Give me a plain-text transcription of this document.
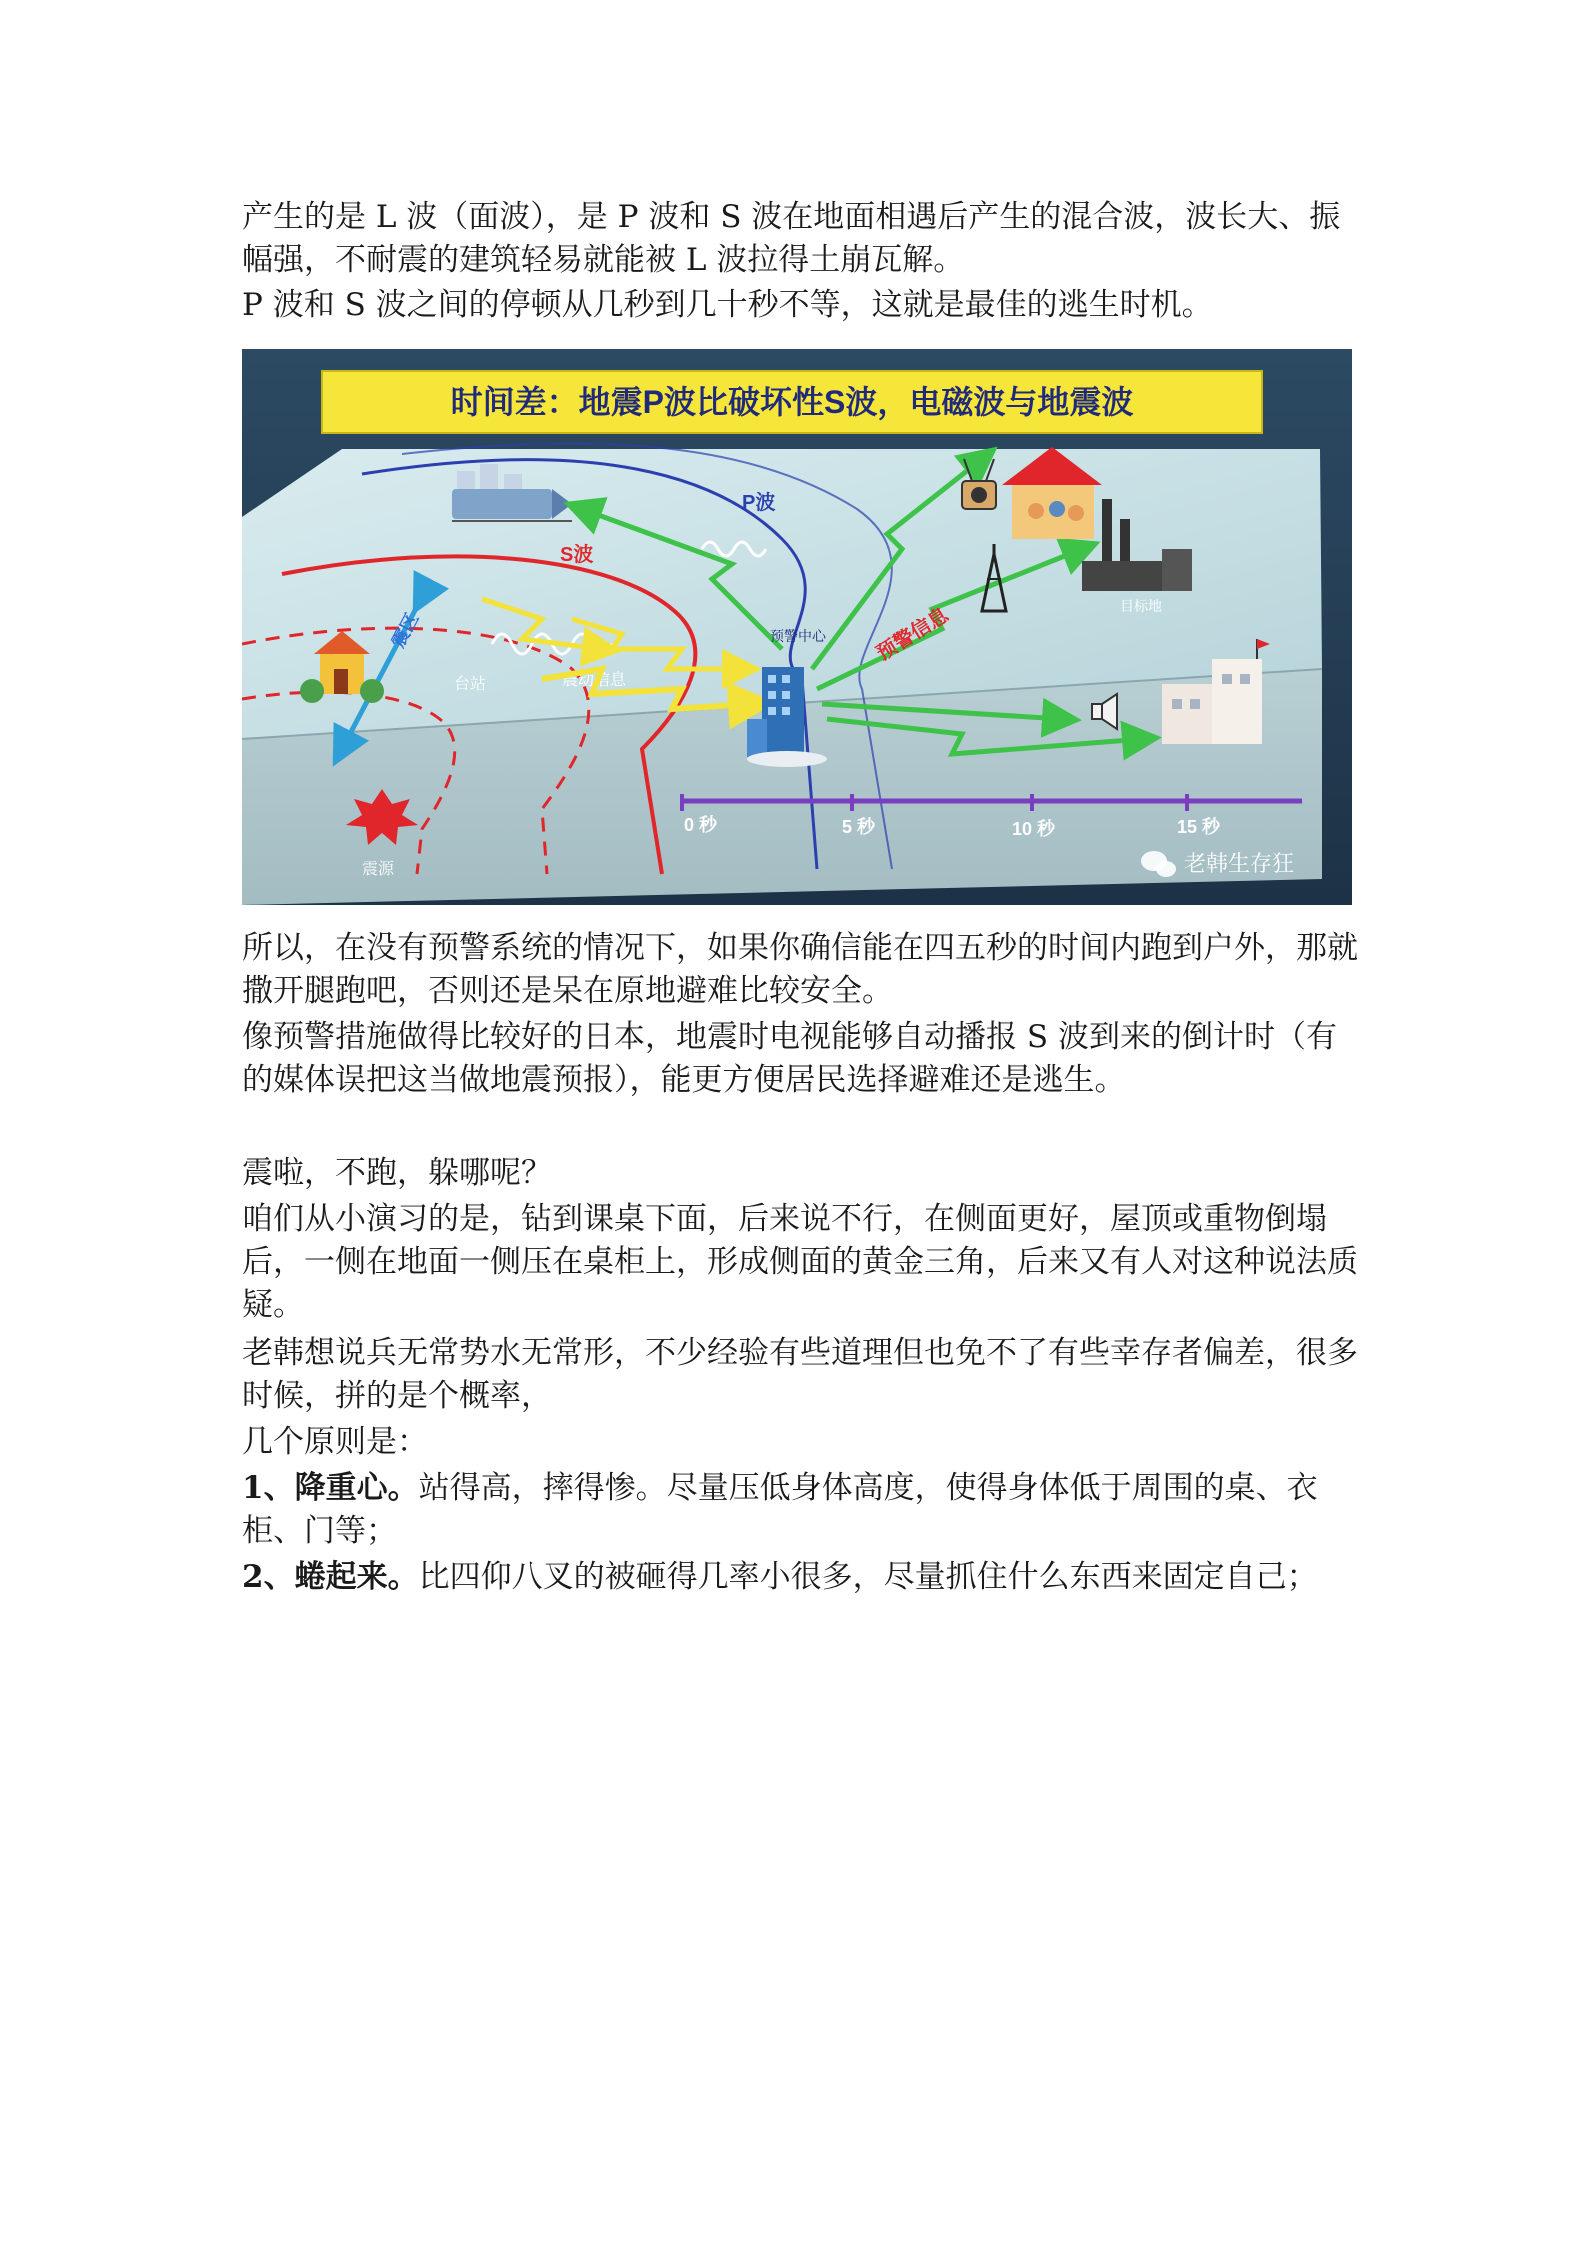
产生的是 L 波（面波），是 P 波和 S 波在地面相遇后产生的混合波，波长大、振幅强，不耐震的建筑轻易就能被 L 波拉得土崩瓦解。

P 波和 S 波之间的停顿从几秒到几十秒不等，这就是最佳的逃生时机。

时间差：地震P波比破坏性S波，电磁波与地震波
P波
S波
震区
台站	震动信息
预警信息
预警中心
目标地
震源
0 秒	5 秒	10 秒	15 秒
老韩生存狂

所以，在没有预警系统的情况下，如果你确信能在四五秒的时间内跑到户外，那就撒开腿跑吧，否则还是呆在原地避难比较安全。

像预警措施做得比较好的日本，地震时电视能够自动播报 S 波到来的倒计时（有的媒体误把这当做地震预报），能更方便居民选择避难还是逃生。

震啦，不跑，躲哪呢？

咱们从小演习的是，钻到课桌下面，后来说不行，在侧面更好，屋顶或重物倒塌后，一侧在地面一侧压在桌柜上，形成侧面的黄金三角，后来又有人对这种说法质疑。

老韩想说兵无常势水无常形，不少经验有些道理但也免不了有些幸存者偏差，很多时候，拼的是个概率，

几个原则是：

1、降重心。站得高，摔得惨。尽量压低身体高度，使得身体低于周围的桌、衣柜、门等；

2、蜷起来。比四仰八叉的被砸得几率小很多，尽量抓住什么东西来固定自己；
